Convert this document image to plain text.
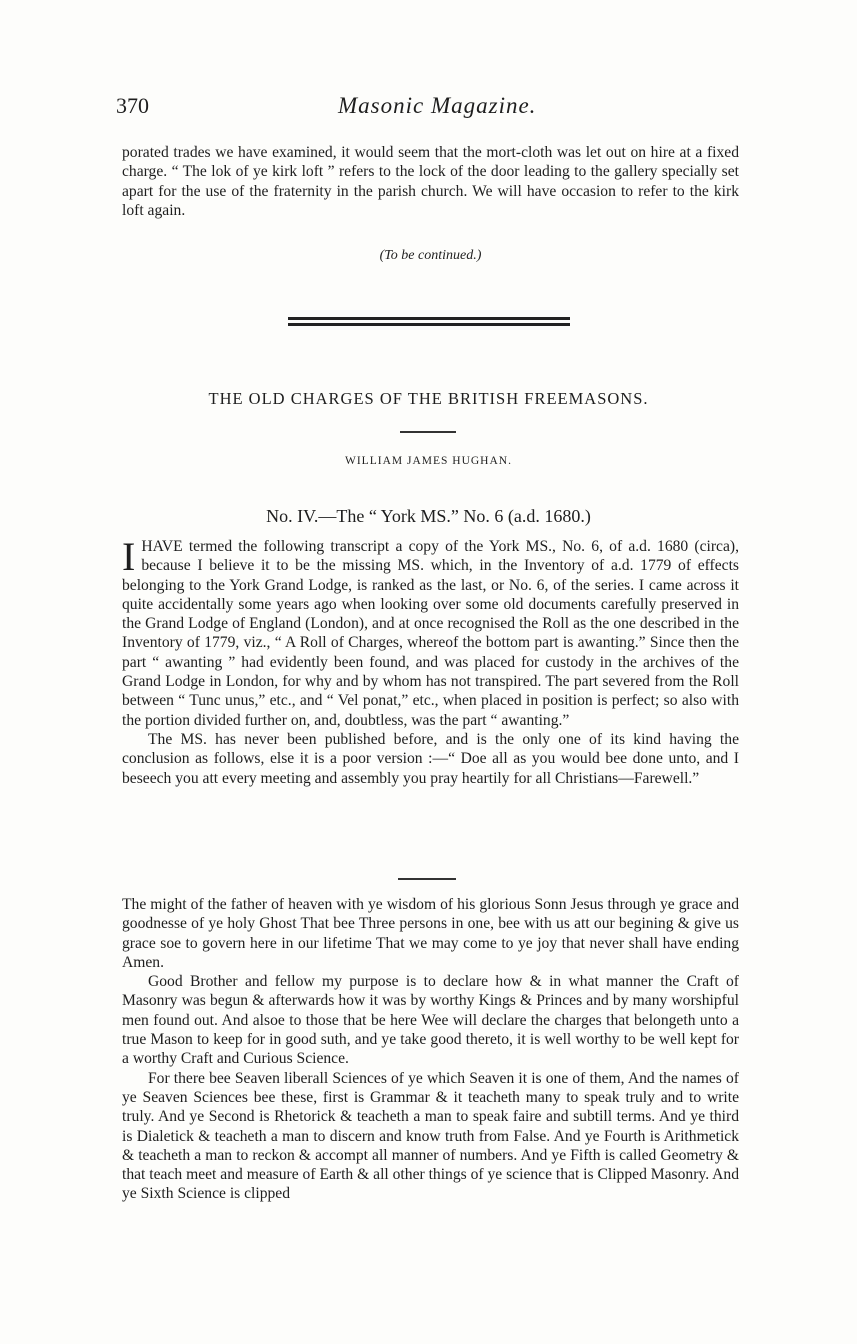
370	Masonic Magazine.

porated trades we have examined, it would seem that the mort-cloth was let out on hire at a fixed charge. “ The lok of ye kirk loft ” refers to the lock of the door leading to the gallery specially set apart for the use of the fraternity in the parish church. We will have occasion to refer to the kirk loft again.

(To be continued.)
THE OLD CHARGES OF THE BRITISH FREEMASONS.
WILLIAM JAMES HUGHAN.
No. IV.—The “ York MS.” No. 6 (a.d. 1680.)

I HAVE termed the following transcript a copy of the York MS., No. 6, of a.d. 1680 (circa), because I believe it to be the missing MS. which, in the Inventory of a.d. 1779 of effects belonging to the York Grand Lodge, is ranked as the last, or No. 6, of the series. I came across it quite accidentally some years ago when looking over some old documents carefully preserved in the Grand Lodge of England (London), and at once recognised the Roll as the one described in the Inventory of 1779, viz., “ A Roll of Charges, whereof the bottom part is awanting.” Since then the part “ awanting ” had evidently been found, and was placed for custody in the archives of the Grand Lodge in London, for why and by whom has not transpired. The part severed from the Roll between “ Tunc unus,” etc., and “ Vel ponat,” etc., when placed in position is perfect; so also with the portion divided further on, and, doubtless, was the part “ awanting.”

The MS. has never been published before, and is the only one of its kind having the conclusion as follows, else it is a poor version :—“ Doe all as you would bee done unto, and I beseech you att every meeting and assembly you pray heartily for all Christians—Farewell.”

The might of the father of heaven with ye wisdom of his glorious Sonn Jesus through ye grace and goodnesse of ye holy Ghost That bee Three persons in one, bee with us att our begining & give us grace soe to govern here in our lifetime That we may come to ye joy that never shall have ending Amen.

Good Brother and fellow my purpose is to declare how & in what manner the Craft of Masonry was begun & afterwards how it was by worthy Kings & Princes and by many worshipful men found out. And alsoe to those that be here Wee will declare the charges that belongeth unto a true Mason to keep for in good suth, and ye take good thereto, it is well worthy to be well kept for a worthy Craft and Curious Science.

For there bee Seaven liberall Sciences of ye which Seaven it is one of them, And the names of ye Seaven Sciences bee these, first is Grammar & it teacheth many to speak truly and to write truly. And ye Second is Rhetorick & teacheth a man to speak faire and subtill terms. And ye third is Dialetick & teacheth a man to discern and know truth from False. And ye Fourth is Arithmetick & teacheth a man to reckon & accompt all manner of numbers. And ye Fifth is called Geometry & that teach meet and measure of Earth & all other things of ye science that is Clipped Masonry. And ye Sixth Science is clipped
